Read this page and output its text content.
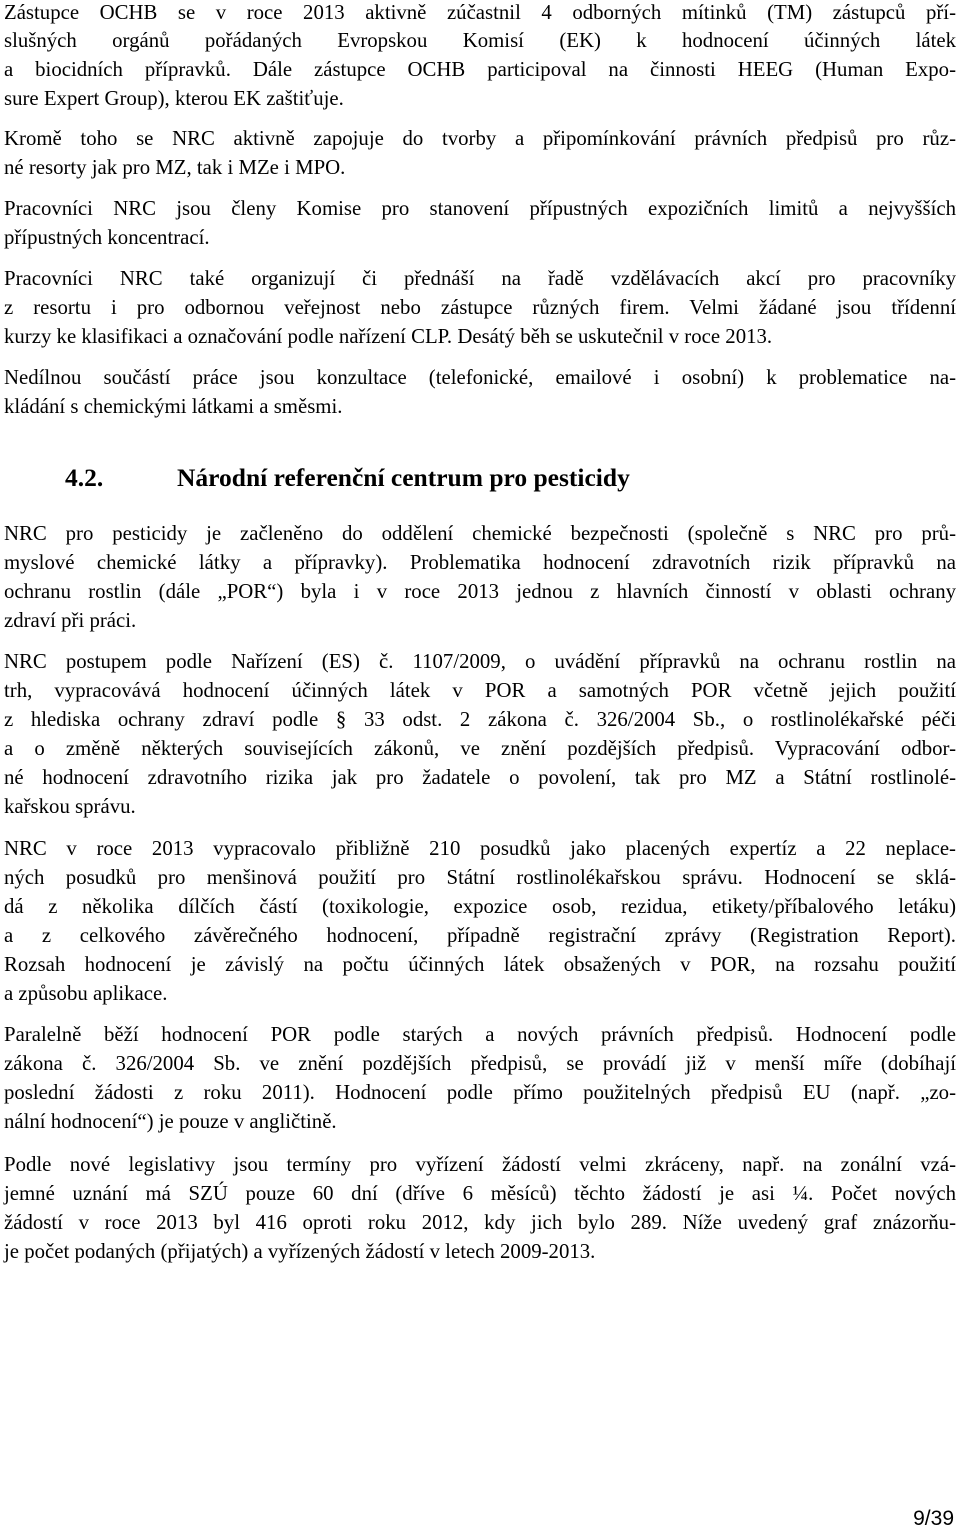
Zástupce OCHB se v roce 2013 aktivně zúčastnil 4 odborných mítinků (TM) zástupců pří-
slušných orgánů pořádaných Evropskou Komisí (EK) k hodnocení účinných látek
a biocidních přípravků. Dále zástupce OCHB participoval na činnosti HEEG (Human Expo-
sure Expert Group), kterou EK zaštiťuje.
Kromě toho se NRC aktivně zapojuje do tvorby a připomínkování právních předpisů pro růz-
né resorty jak pro MZ, tak i MZe i MPO.
Pracovníci NRC jsou členy Komise pro stanovení přípustných expozičních limitů a nejvyšších
přípustných koncentrací.
Pracovníci NRC také organizují či přednáší na řadě vzdělávacích akcí pro pracovníky
z resortu i pro odbornou veřejnost nebo zástupce různých firem. Velmi žádané jsou třídenní
kurzy ke klasifikaci a označování podle nařízení CLP. Desátý běh se uskutečnil v roce 2013.
Nedílnou součástí práce jsou konzultace (telefonické, emailové i osobní) k problematice na-
kládání s chemickými látkami a směsmi.
4.2.	Národní referenční centrum pro pesticidy
NRC pro pesticidy je začleněno do oddělení chemické bezpečnosti (společně s NRC pro prů-
myslové chemické látky a přípravky). Problematika hodnocení zdravotních rizik přípravků na
ochranu rostlin (dále „POR“) byla i v roce 2013 jednou z hlavních činností v oblasti ochrany
zdraví při práci.
NRC postupem podle Nařízení (ES) č. 1107/2009, o uvádění přípravků na ochranu rostlin na
trh, vypracovává hodnocení účinných látek v POR a samotných POR včetně jejich použití
z hlediska ochrany zdraví podle § 33 odst. 2 zákona č. 326/2004 Sb., o rostlinolékařské péči
a o změně některých souvisejících zákonů, ve znění pozdějších předpisů. Vypracování odbor-
né hodnocení zdravotního rizika jak pro žadatele o povolení, tak pro MZ a Státní rostlinolé-
kařskou správu.
NRC v roce 2013 vypracovalo přibližně 210 posudků jako placených expertíz a 22 neplace-
ných posudků pro menšinová použití pro Státní rostlinolékařskou správu. Hodnocení se sklá-
dá z několika dílčích částí (toxikologie, expozice osob, rezidua, etikety/příbalového letáku)
a z celkového závěrečného hodnocení, případně registrační zprávy (Registration Report).
Rozsah hodnocení je závislý na počtu účinných látek obsažených v POR, na rozsahu použití
a způsobu aplikace.
Paralelně běží hodnocení POR podle starých a nových právních předpisů. Hodnocení podle
zákona č. 326/2004 Sb. ve znění pozdějších předpisů, se provádí již v menší míře (dobíhají
poslední žádosti z roku 2011). Hodnocení podle přímo použitelných předpisů EU (např. „zo-
nální hodnocení“) je pouze v angličtině.
Podle nové legislativy jsou termíny pro vyřízení žádostí velmi zkráceny, např. na zonální vzá-
jemné uznání má SZÚ pouze 60 dní (dříve 6 měsíců) těchto žádostí je asi ¼. Počet nových
žádostí v roce 2013 byl 416 oproti roku 2012, kdy jich bylo 289. Níže uvedený graf znázorňu-
je počet podaných (přijatých) a vyřízených žádostí v letech 2009-2013.
9/39
